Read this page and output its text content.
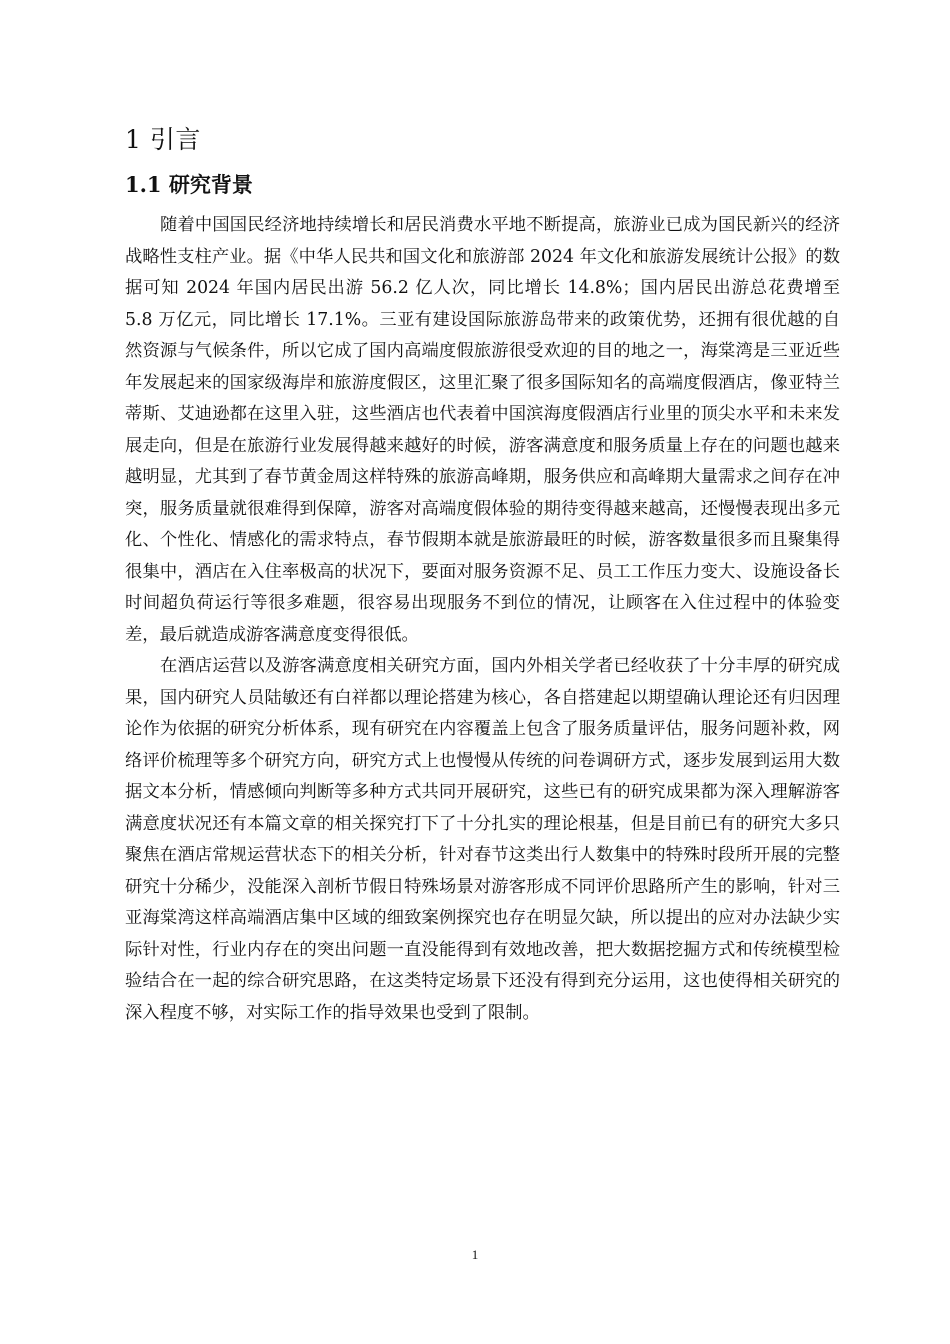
1 引言
1.1 研究背景

随着中国国民经济地持续增长和居民消费水平地不断提高，旅游业已成为国民新兴的经济战略性支柱产业。据《中华人民共和国文化和旅游部 2024 年文化和旅游发展统计公报》的数据可知 2024 年国内居民出游 56.2 亿人次，同比增长 14.8%；国内居民出游总花费增至 5.8 万亿元，同比增长 17.1%。三亚有建设国际旅游岛带来的政策优势，还拥有很优越的自然资源与气候条件，所以它成了国内高端度假旅游很受欢迎的目的地之一，海棠湾是三亚近些年发展起来的国家级海岸和旅游度假区，这里汇聚了很多国际知名的高端度假酒店，像亚特兰蒂斯、艾迪逊都在这里入驻，这些酒店也代表着中国滨海度假酒店行业里的顶尖水平和未来发展走向，但是在旅游行业发展得越来越好的时候，游客满意度和服务质量上存在的问题也越来越明显，尤其到了春节黄金周这样特殊的旅游高峰期，服务供应和高峰期大量需求之间存在冲突，服务质量就很难得到保障，游客对高端度假体验的期待变得越来越高，还慢慢表现出多元化、个性化、情感化的需求特点，春节假期本就是旅游最旺的时候，游客数量很多而且聚集得很集中，酒店在入住率极高的状况下，要面对服务资源不足、员工工作压力变大、设施设备长时间超负荷运行等很多难题，很容易出现服务不到位的情况，让顾客在入住过程中的体验变差，最后就造成游客满意度变得很低。

在酒店运营以及游客满意度相关研究方面，国内外相关学者已经收获了十分丰厚的研究成果，国内研究人员陆敏还有白祥都以理论搭建为核心，各自搭建起以期望确认理论还有归因理论作为依据的研究分析体系，现有研究在内容覆盖上包含了服务质量评估，服务问题补救，网络评价梳理等多个研究方向，研究方式上也慢慢从传统的问卷调研方式，逐步发展到运用大数据文本分析，情感倾向判断等多种方式共同开展研究，这些已有的研究成果都为深入理解游客满意度状况还有本篇文章的相关探究打下了十分扎实的理论根基，但是目前已有的研究大多只聚焦在酒店常规运营状态下的相关分析，针对春节这类出行人数集中的特殊时段所开展的完整研究十分稀少，没能深入剖析节假日特殊场景对游客形成不同评价思路所产生的影响，针对三亚海棠湾这样高端酒店集中区域的细致案例探究也存在明显欠缺，所以提出的应对办法缺少实际针对性，行业内存在的突出问题一直没能得到有效地改善，把大数据挖掘方式和传统模型检验结合在一起的综合研究思路，在这类特定场景下还没有得到充分运用，这也使得相关研究的深入程度不够，对实际工作的指导效果也受到了限制。

1
